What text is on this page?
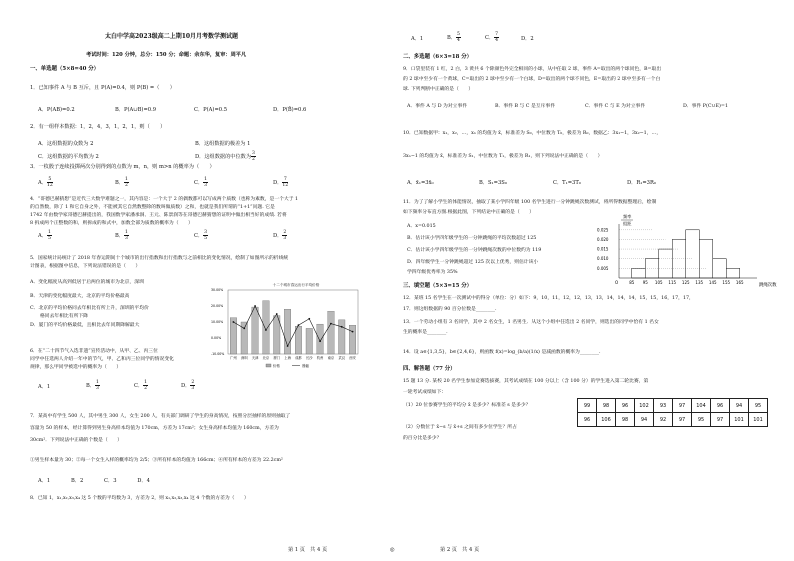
太白中学高2023级高二上期10月月考数学测试题
考试时间：120 分钟，总分：150 分；命题：余东华，复审：周平凡
一、单选题（5×8=40 分）
1．已知事件 A 与 B 互斥，且 P(A)=0.4，则 P(B) =（　　）
A．P(AB)=0.2	B．P(A∪B)=0.9	C．P(A)=0.5	D．P(B̄)=0.6
2．有一组样本数据：1，2，4，3，1，2，1，则（　　）
A．这组数据的众数为 2	B．这组数据的极差为 1
C．这组数据的平均数为 2	D．这组数据的中位数为 $\frac{3}{2}$
3．一枚骰子连续投掷两次分别得到的点数为 m，n，则 m>n 的概率为（　　）
A． $\frac{5}{12}$	B． $\frac{1}{2}$	C． $\frac{1}{3}$	D． $\frac{7}{12}$
4．“哥德巴赫猜想”是近代三大数学难题之一，其内容是：一个大于 2 的偶数都可以写成两个质数（也称为素数，是一个大于 1
的自然数，除了 1 和它自身之外，不能被其它自然数整除的数叫做质数）之和，也就是我们所谓的“1+1”问题. 它是
1742 年由数学家哥德巴赫提出的，我国数学家潘承洞、王元、陈景润等在哥德巴赫猜想的证明中做出相当好的成绩. 若将
8 拆成两个正整数的和，则拆成的和式中，加数全部为质数的概率为（　　）
A． $\frac{1}{5}$	B． $\frac{1}{3}$	C． $\frac{3}{5}$	D． $\frac{2}{3}$
5．国家统计局统计了 2018 年春运期间十个城市的出行指数和出行指数与之前相比的变化情况，绘制了如图所示的折线统
计图表，根据图中信息，下列说法错误的是（　　）
A．变化幅度从高到低居于后两位的城市为北京，深圳
B．天津的变化幅度最大，北京的平均价格最高
C．北京的平均价格同去年相比有所上升，深圳的平均价
格同去年相比有所下降
D．厦门的平均价格最低，且相比去年同期降解最大
十二个城市春运出行平均价格
30.00%
20.00%
10.00%
0.00%
-10.00%
广州 深圳 天津 北京 厦门 上海 成都 长沙 杭州 南京 武汉 西安
价格	涨幅
6．在“二十四节气入选非遗”宣传活动中，从甲、乙、丙三位
同学中任选两人介绍一年中的节气，甲、乙和丙三位同学的情况变化
规律，那么甲同学被选中的概率为（　　）
A．1	B． $\frac{1}{3}$	C． $\frac{1}{2}$	D． $\frac{2}{3}$
7．某高中有学生 500 人，其中男生 300 人，女生 200 人，有关部门调研了学生的身高情况，按照分层抽样的原则抽取了
容量为 50 的样本，经计算得到男生身高样本均值为 170cm，方差为 17cm²；女生身高样本均值为 160cm，方差为
30cm²．下列说法中正确的个数是（　　）
①男生样本量为 30；②每一个女生入样的概率均为 2/5；③所有样本的均值为 166cm；④所有样本的方差为 22.2cm²
A．1　　　　B．2　　　　C．3　　　　D．4
8．已知 1，x₁,x₂,x₃,x₄ 这 5 个数的平均数为 3，方差为 2，则 x₁,x₂,x₃,x₄ 这 4 个数的方差为（　　）
第 1 页　共 4 页	◎
A．1	B． $\frac{5}{4}$	C． $\frac{7}{4}$	D．2
二、多选题（6×3=18 分）
9．口袋里装有 1 红，2 白，3 黄共 6 个除颜色外完全相同的小球，从中任取 2 球，事件 A=取出的两个球同色，B=取出
的 2 球中至少有一个黄球，C=取出的 2 球中至少有一个白球，D=取出的两个球不同色，E=取出的 2 球中至多有一个白
球. 下列判断中正确的是（　　）
A．事件 A 与 D 为对立事件	B．事件 B 与 C 是互斥事件	C．事件 C 与 E 为对立事件	D．事件 P(C∪E)=1
10．已知数据甲：x₁，x₂，…，xₙ 的均值为 x̄，标准差为 S₀，中位数为 T₀，极差为 R₀，数据乙：3x₁−1，3x₂−1，…，
3xₙ−1 的均值为 x̄，标准差为 S₁，中位数为 T₁，极差为 R₁，则下列说法中正确的是（　　）
A．x̄₁=3x̄₀	B．S₁=3S₀	C．T₁=3T₀	D．R₁=3R₀
11．为了了解小学生的体能情况，抽取了某小学四年级 100 名学生进行一分钟跳绳次数测试，将所得数据整理后，绘制
如下频率分布直方图.根据此图，下列结论中正确的是（　　）
A．x=0.015
B．估计该小学四年级学生的一分钟跳绳的平均次数超过 125
C．估计该小学四年级学生的一分钟跳绳次数的中位数约为 119
D．四年级学生一分钟跳绳超过 125 次以上优秀，则估计该小
学四年级优秀率为 35%
频率
组距
0.025
0.020
0.015
0.010
0.005
O	85 95 105 115 125 135 145 155 165
跳绳次数
三、填空题（5×3=15 分）
12．某班 15 名学生在一次测试中的得分（单位：分）如下：9，10，11，12，12，13，13，14，14，14，15，15，16，17，17，
17．则这组数据的 90 百分位数是________.
13．一个劳动小组有 3 名同学，其中 2 名女生，1 名男生．从这个小组中任选出 2 名同学，则选出的同学中恰有 1 名女
生的概率是________.
14．设 a∈{1,3,5}，b∈{2,4,6}，则函数 f(x)=log_(b/a)(1/x) 是减函数的概率为________.
四、解答题（77 分）
15 题 13 分. 某校 20 名学生参加竞赛选拔赛，其考试成绩在 100 分以上（含 100 分）的学生进入第二轮比赛，第
一轮考试成绩如下：
（1）20 位参赛学生的平均分 x̄ 是多少？标准差 s 是多少？
（2）分数位于 x̄−s 与 x̄+s 之间有多少位学生？所占
的百分比是多少？
99	98	96	102	93	97	104	96	94	95
96	106	98	94	92	97	95	97	101	101
第 2 页　共 4 页
